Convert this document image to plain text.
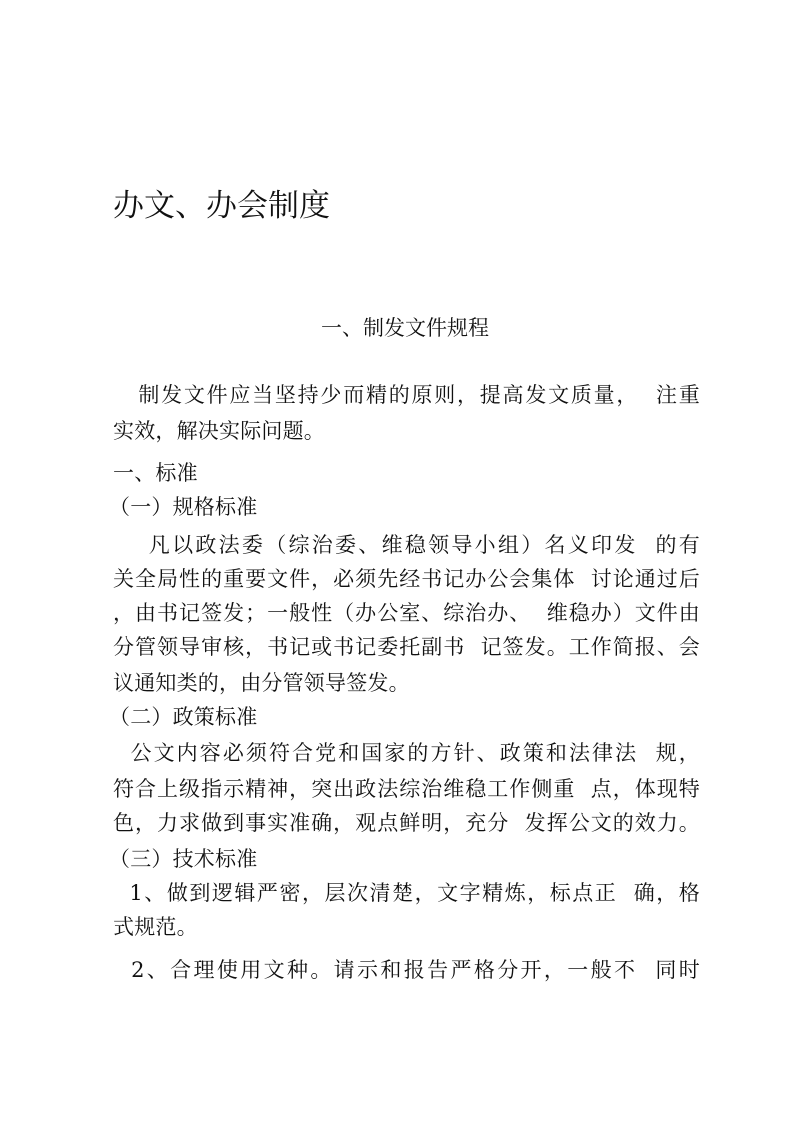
办文、办会制度
一、制发文件规程
制发文件应当坚持少而精的原则，提高发文质量，  注重
实效，解决实际问题。
一、标准
（一）规格标准
凡以政法委（综治委、维稳领导小组）名义印发  的有
关全局性的重要文件，必须先经书记办公会集体  讨论通过后
，由书记签发；一般性（办公室、综治办、  维稳办）文件由
分管领导审核，书记或书记委托副书  记签发。工作简报、会
议通知类的，由分管领导签发。
（二）政策标准
公文内容必须符合党和国家的方针、政策和法律法  规，
符合上级指示精神，突出政法综治维稳工作侧重  点，体现特
色，力求做到事实准确，观点鲜明，充分  发挥公文的效力。
（三）技术标准
1、做到逻辑严密，层次清楚，文字精炼，标点正  确，格
式规范。
2、合理使用文种。请示和报告严格分开，一般不  同时
